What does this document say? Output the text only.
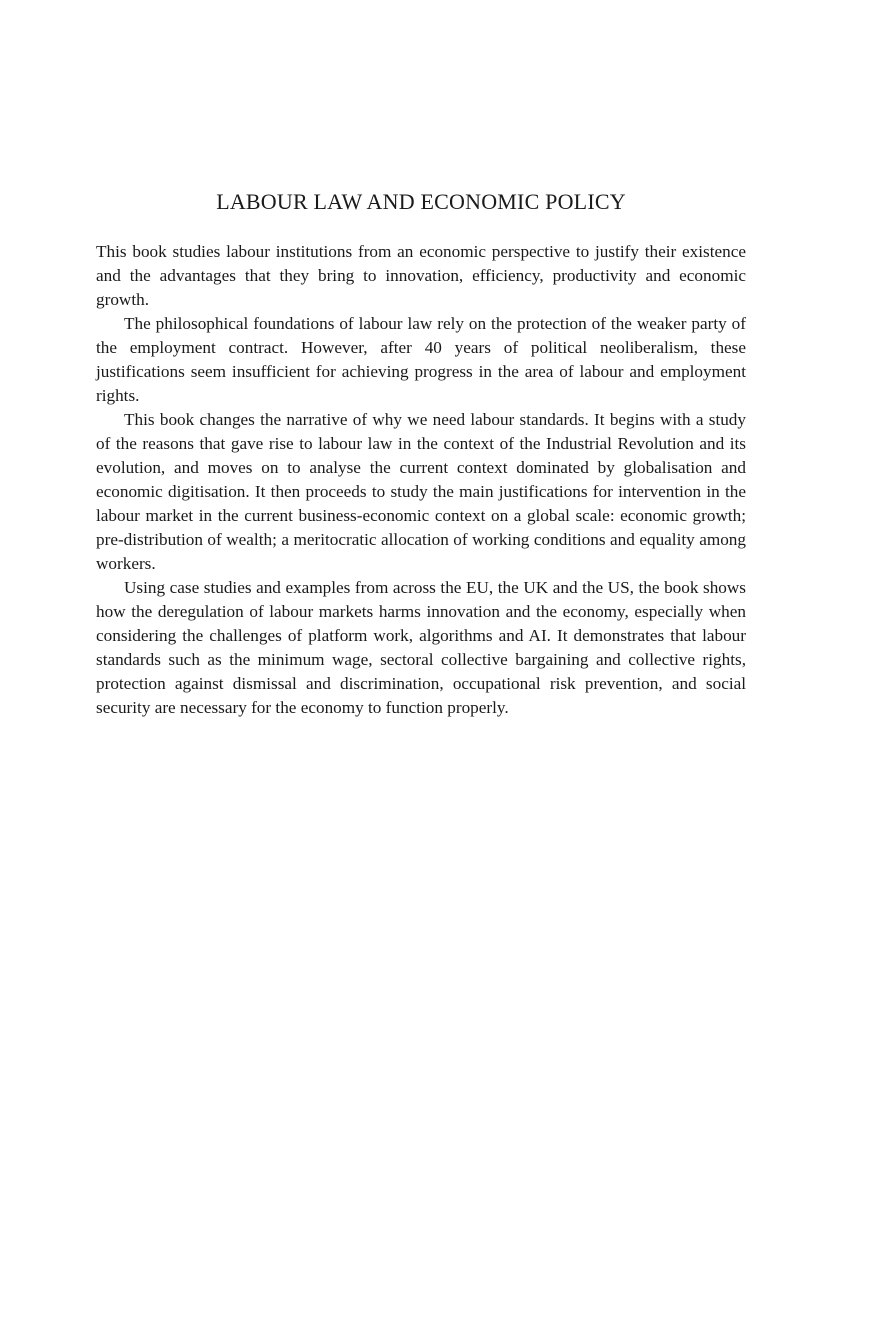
LABOUR LAW AND ECONOMIC POLICY

This book studies labour institutions from an economic perspective to justify their existence and the advantages that they bring to innovation, efficiency, productivity and economic growth.

The philosophical foundations of labour law rely on the protection of the weaker party of the employment contract. However, after 40 years of political neoliberalism, these justifications seem insufficient for achieving progress in the area of labour and employment rights.

This book changes the narrative of why we need labour standards. It begins with a study of the reasons that gave rise to labour law in the context of the Industrial Revolution and its evolution, and moves on to analyse the current context dominated by globalisation and economic digitisation. It then proceeds to study the main justifications for intervention in the labour market in the current business-economic context on a global scale: economic growth; pre-distribution of wealth; a meritocratic allocation of working conditions and equality among workers.

Using case studies and examples from across the EU, the UK and the US, the book shows how the deregulation of labour markets harms innovation and the economy, especially when considering the challenges of platform work, algorithms and AI. It demonstrates that labour standards such as the minimum wage, sectoral collective bargaining and collective rights, protection against dismissal and discrimination, occupational risk prevention, and social security are necessary for the economy to function properly.
